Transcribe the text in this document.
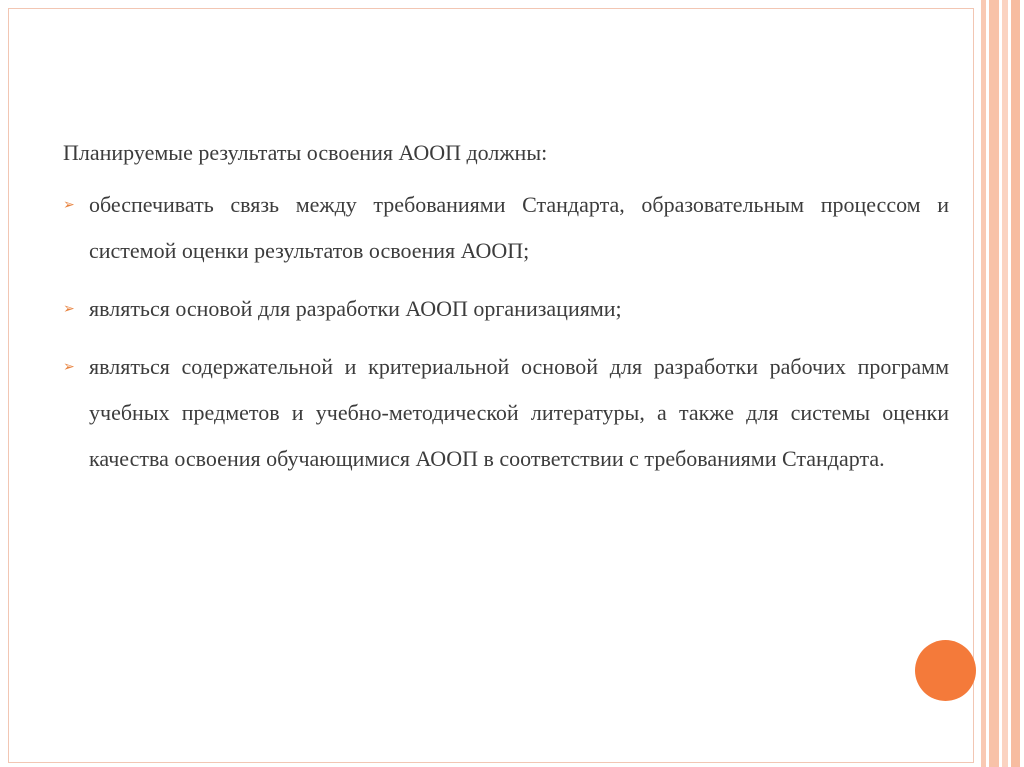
Планируемые результаты освоения АООП должны:

➢ обеспечивать связь между требованиями Стандарта, образовательным процессом и системой оценки результатов освоения АООП;
➢ являться основой для разработки АООП организациями;
➢ являться содержательной и критериальной основой для разработки рабочих программ учебных предметов и учебно-методической литературы, а также для системы оценки качества освоения обучающимися АООП в соответствии с требованиями Стандарта.
